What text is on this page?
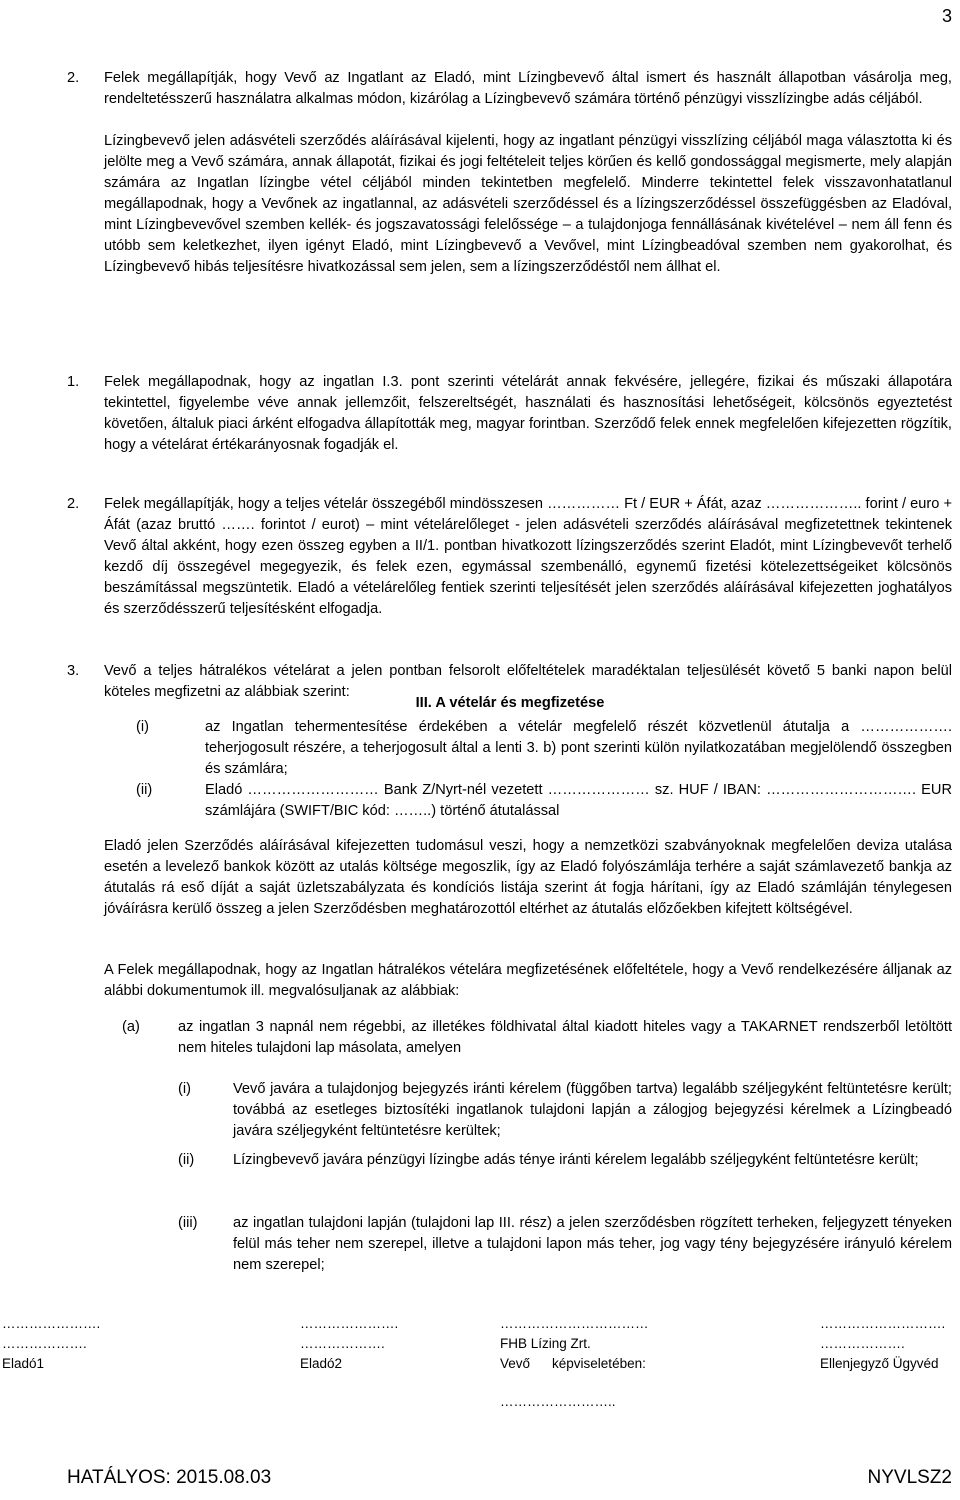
3
2. Felek megállapítják, hogy Vevő az Ingatlant az Eladó, mint Lízingbevevő által ismert és használt állapotban vásárolja meg, rendeltetésszerű használatra alkalmas módon, kizárólag a Lízingbevevő számára történő pénzügyi visszlízingbe adás céljából.
Lízingbevevő jelen adásvételi szerződés aláírásával kijelenti, hogy az ingatlant pénzügyi visszlízing céljából maga választotta ki és jelölte meg a Vevő számára, annak állapotát, fizikai és jogi feltételeit teljes körűen és kellő gondossággal megismerte, mely alapján számára az Ingatlan lízingbe vétel céljából minden tekintetben megfelelő. Minderre tekintettel felek visszavonhatatlanul megállapodnak, hogy a Vevőnek az ingatlannal, az adásvételi szerződéssel és a lízingszerződéssel összefüggésben az Eladóval, mint Lízingbevevővel szemben kellék- és jogszavatossági felelőssége – a tulajdonjoga fennállásának kivételével – nem áll fenn és utóbb sem keletkezhet, ilyen igényt Eladó, mint Lízingbevevő a Vevővel, mint Lízingbeadóval szemben nem gyakorolhat, és Lízingbevevő hibás teljesítésre hivatkozással sem jelen, sem a lízingszerződéstől nem állhat el.
III. A vételár és megfizetése
1. Felek megállapodnak, hogy az ingatlan I.3. pont szerinti vételárát annak fekvésére, jellegére, fizikai és műszaki állapotára tekintettel, figyelembe véve annak jellemzőit, felszereltségét, használati és hasznosítási lehetőségeit, kölcsönös egyeztetést követően, általuk piaci árként elfogadva állapították meg, magyar forintban. Szerződő felek ennek megfelelően kifejezetten rögzítik, hogy a vételárat értékarányosnak fogadják el.
2. Felek megállapítják, hogy a teljes vételár összegéből mindösszesen …………… Ft / EUR + Áfát, azaz ……………….. forint / euro + Áfát (azaz bruttó ……. forintot / eurot) – mint vételárelőleget - jelen adásvételi szerződés aláírásával megfizetettnek tekintenek Vevő által akként, hogy ezen összeg egyben a II/1. pontban hivatkozott lízingszerződés szerint Eladót, mint Lízingbevevőt terhelő kezdő díj összegével megegyezik, és felek ezen, egymással szembenálló, egynemű fizetési kötelezettségeiket kölcsönös beszámítással megszüntetik. Eladó a vételárelőleg fentiek szerinti teljesítését jelen szerződés aláírásával kifejezetten joghatályos és szerződésszerű teljesítésként elfogadja.
3. Vevő a teljes hátralékos vételárat a jelen pontban felsorolt előfeltételek maradéktalan teljesülését követő 5 banki napon belül köteles megfizetni az alábbiak szerint:
(i)	az Ingatlan tehermentesítése érdekében a vételár megfelelő részét közvetlenül átutalja a ………………. teherjogosult részére, a teherjogosult által a lenti 3. b) pont szerinti külön nyilatkozatában megjelölendő összegben és számlára;
(ii)	Eladó ……………………… Bank Z/Nyrt-nél vezetett ………………… sz. HUF / IBAN: …………………………. EUR számlájára (SWIFT/BIC kód: ……..) történő átutalással
Eladó jelen Szerződés aláírásával kifejezetten tudomásul veszi, hogy a nemzetközi szabványoknak megfelelően deviza utalása esetén a levelező bankok között az utalás költsége megoszlik, így az Eladó folyószámlája terhére a saját számlavezető bankja az átutalás rá eső díját a saját üzletszabályzata és kondíciós listája szerint át fogja hárítani, így az Eladó számláján ténylegesen jóváírásra kerülő összeg a jelen Szerződésben meghatározottól eltérhet az átutalás előzőekben kifejtett költségével.
A Felek megállapodnak, hogy az Ingatlan hátralékos vételára megfizetésének előfeltétele, hogy a Vevő rendelkezésére álljanak az alábbi dokumentumok ill. megvalósuljanak az alábbiak:
(a)	az ingatlan 3 napnál nem régebbi, az illetékes földhivatal által kiadott hiteles vagy a TAKARNET rendszerből letöltött nem hiteles tulajdoni lap másolata, amelyen
(i)	Vevő javára a tulajdonjog bejegyzés iránti kérelem (függőben tartva) legalább széljegyként feltüntetésre került; továbbá az esetleges biztosítéki ingatlanok tulajdoni lapján a zálogjog bejegyzési kérelmek a Lízingbeadó javára széljegyként feltüntetésre kerültek;
(ii)	Lízingbevevő javára pénzügyi lízingbe adás ténye iránti kérelem legalább széljegyként feltüntetésre került;
(iii) az ingatlan tulajdoni lapján (tulajdoni lap III. rész) a jelen szerződésben rögzített terheken, feljegyzett tényeken felül más teher nem szerepel, illetve a tulajdoni lapon más teher, jog vagy tény bejegyzésére irányuló kérelem nem szerepel;
………………….
……………….
Eladó1
………………….
……………….
Eladó2
……………………………
FHB Lízing Zrt.
Vevő képviseletében:
……………………..
……………………….
……………….
Ellenjegyző Ügyvéd
HATÁLYOS: 2015.08.03	NYVLSZ2
